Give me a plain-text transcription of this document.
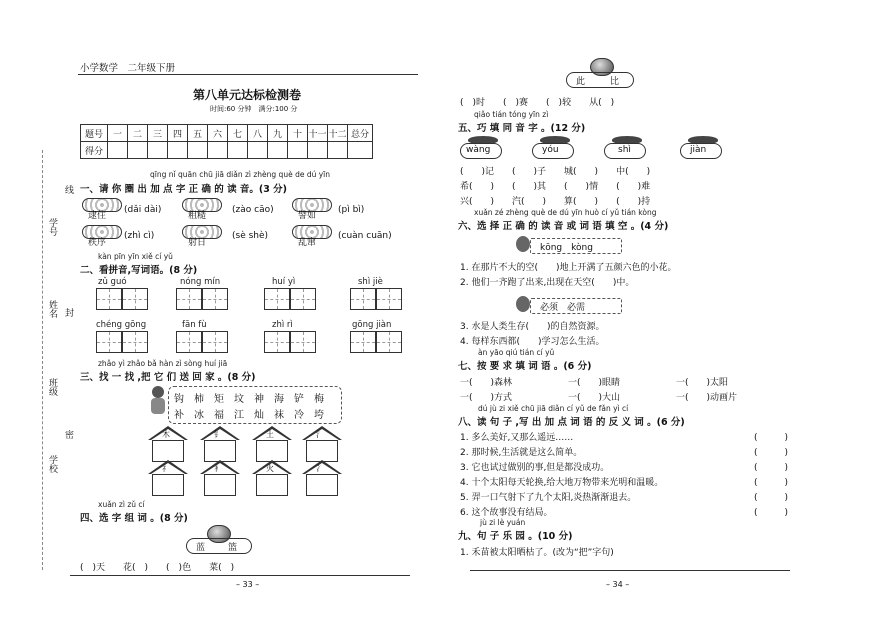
学号
线
姓名 封
班级
密
学校
小学数学　二年级下册
第八单元达标检测卷
时间:60 分钟　满分:100 分
题号	一	二	三	四	五	六	七	八	九	十	十一	十二	总分
得分													
qīng nǐ quān chū jiā diǎn zì zhèng què de dú yīn
一、请 你 圈 出 加 点 字 正 确 的 读 音。(3 分)
逮住
(dǎi dài)
粗糙
(zào cāo)
譬如
(pì bì)
秩序
(zhì cì)
射日
(sè shè)
乱窜
(cuàn cuān)
kàn pīn yīn xiě cí yǔ
二、看拼音,写词语。(8 分)
zǔ guó	nóng mín	huí yì	shì jiè
chéng gōng	fān fù	zhì rì	gōng jiàn
zhǎo yì zhǎo bǎ hàn zì sòng huí jiā
三、找 一 找 ,把 它 们 送 回 家 。(8 分)
钩　柿　矩　坟　神　海　铲　梅
补　冰　福　江　灿　袜　冷　垮
木	钅	土	氵
礻	衤	火	冫
xuǎn zì zǔ cí
四、选 字 组 词 。(8 分)
蓝	篮
(　)天　　花(　)　　(　)色　　菜(　)
– 33 –
此	比
(　)时　　(　)赛　　(　)较　　从(　)
qiǎo tián tóng yīn zì
五、巧 填 同 音 字 。(12 分)
wàng	yóu	shì	jiàn
(　　)记　　(　　)子　　城(　　)　　中(　　)
希(　　)　　(　　)其　　(　　)情　　(　　)难
兴(　　)　　汽(　　)　　算(　　)　　(　　)持
xuǎn zé zhèng què de dú yīn huò cí yǔ tián kòng
六、选 择 正 确 的 读 音 或 词 语 填 空 。(4 分)
kōng　kòng
1. 在那片不大的空(　　)地上开满了五颜六色的小花。
2. 他们一齐跑了出来,出现在天空(　　)中。
必须　必需
3. 水是人类生存(　　)的自然资源。
4. 每样东西都(　　)学习怎么生活。
àn yāo qiú tián cí yǔ
七、按 要 求 填 词 语 。(6 分)
一(　　)森林	一(　　)眼睛	一(　　)太阳
一(　　)方式	一(　　)大山	一(　　)动画片
dú jù zi xiě chū jiā diǎn cí yǔ de fǎn yì cí
八、读 句 子 ,写 出 加 点 词 语 的 反 义 词 。(6 分)
1. 多么美好,又那么遥远……	(　　　)
2. 那时候,生活就是这么简单。	(　　　)
3. 它也试过做别的事,但是都没成功。	(　　　)
4. 十个太阳每天轮换,给大地万物带来光明和温暖。	(　　　)
5. 羿一口气射下了九个太阳,炎热渐渐退去。	(　　　)
6. 这个故事没有结局。	(　　　)
jù zi lè yuán
九、句 子 乐 园 。(10 分)
1. 禾苗被太阳晒枯了。(改为“把”字句)
– 34 –
